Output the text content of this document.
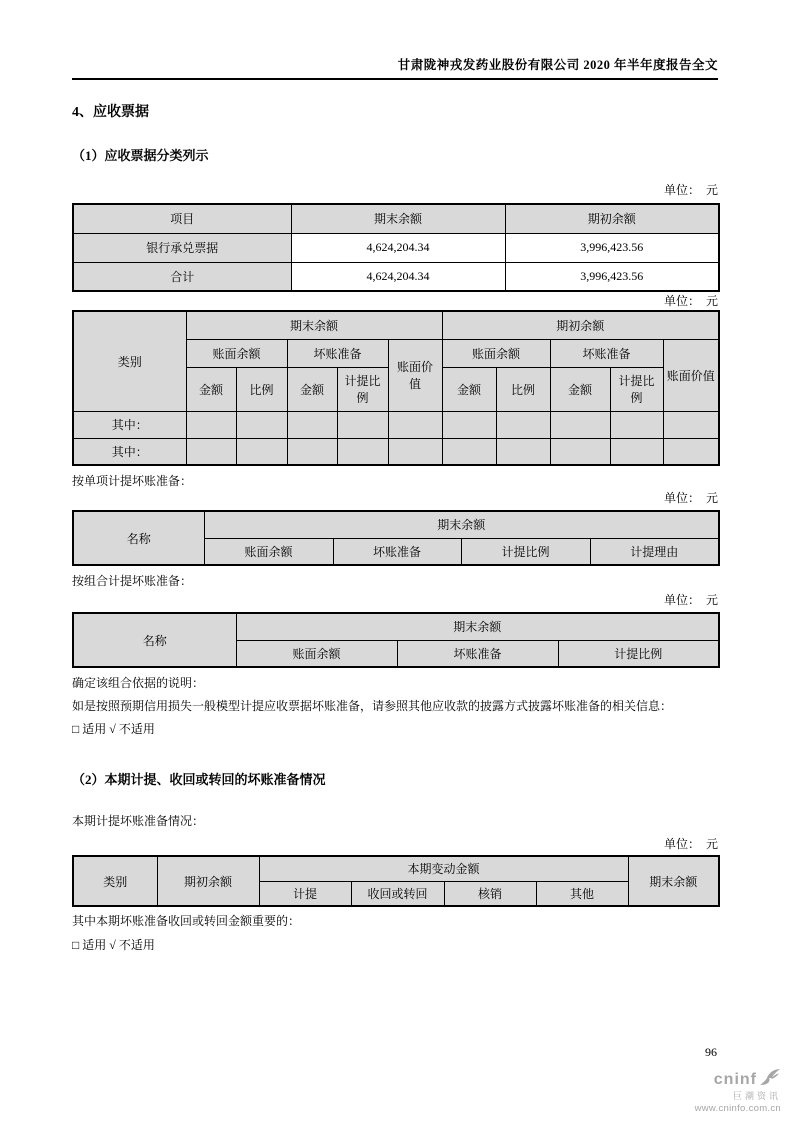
甘肃陇神戎发药业股份有限公司 2020 年半年度报告全文
4、应收票据
（1）应收票据分类列示
单位：　元
项目	期末余额	期初余额
银行承兑票据	4,624,204.34	3,996,423.56
合计	4,624,204.34	3,996,423.56
单位：　元
类别	期末余额					期初余额				
	账面余额		坏账准备		账面价值	账面余额		坏账准备		账面价值
	金额	比例	金额	计提比例		金额	比例	金额	计提比例	
其中：										
其中：										
按单项计提坏账准备：
单位：　元
名称	期末余额			
	账面余额	坏账准备	计提比例	计提理由
按组合计提坏账准备：
单位：　元
名称	期末余额		
	账面余额	坏账准备	计提比例
确定该组合依据的说明：
如是按照预期信用损失一般模型计提应收票据坏账准备，请参照其他应收款的披露方式披露坏账准备的相关信息：
□ 适用 √ 不适用
（2）本期计提、收回或转回的坏账准备情况
本期计提坏账准备情况：
单位：　元
类别	期初余额	本期变动金额				期末余额
		计提	收回或转回	核销	其他	
其中本期坏账准备收回或转回金额重要的：
□ 适用 √ 不适用
96
cninf
巨潮资讯
www.cninfo.com.cn
